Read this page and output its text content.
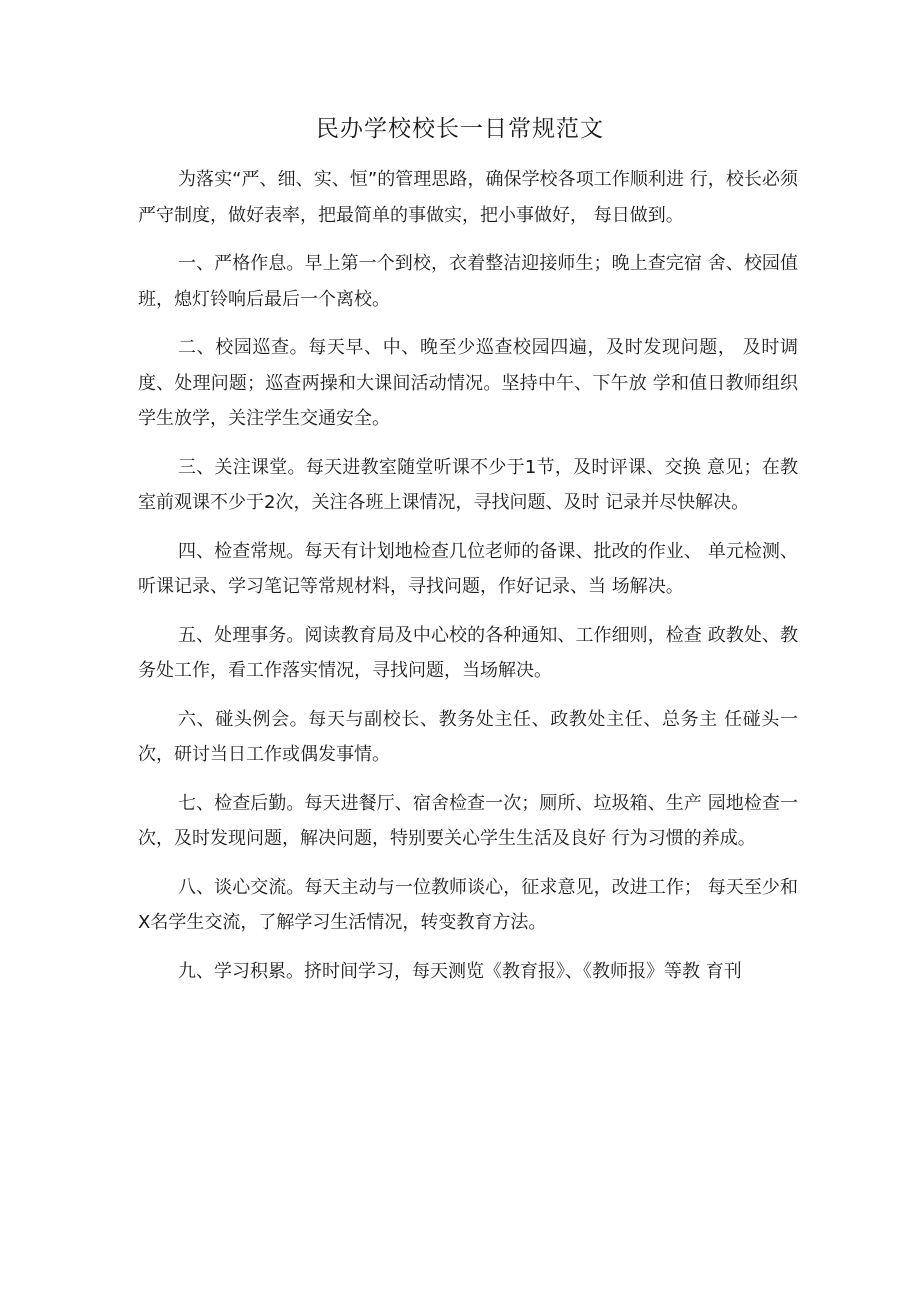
民办学校校长一日常规范文

为落实“严、细、实、恒”的管理思路，确保学校各项工作顺利进 行，校长必须严守制度，做好表率，把最简单的事做实，把小事做好， 每日做到。

一、严格作息。早上第一个到校，衣着整洁迎接师生；晚上查完宿 舍、校园值班，熄灯铃响后最后一个离校。

二、校园巡查。每天早、中、晚至少巡查校园四遍，及时发现问题， 及时调度、处理问题；巡查两操和大课间活动情况。坚持中午、下午放 学和值日教师组织学生放学，关注学生交通安全。

三、关注课堂。每天进教室随堂听课不少于1节，及时评课、交换 意见；在教室前观课不少于2次，关注各班上课情况，寻找问题、及时 记录并尽快解决。

四、检查常规。每天有计划地检查几位老师的备课、批改的作业、 单元检测、听课记录、学习笔记等常规材料，寻找问题，作好记录、当 场解决。

五、处理事务。阅读教育局及中心校的各种通知、工作细则，检查 政教处、教务处工作，看工作落实情况，寻找问题，当场解决。

六、碰头例会。每天与副校长、教务处主任、政教处主任、总务主 任碰头一次，研讨当日工作或偶发事情。

七、检查后勤。每天进餐厅、宿舍检查一次；厕所、垃圾箱、生产 园地检查一次，及时发现问题，解决问题，特别要关心学生生活及良好 行为习惯的养成。

八、谈心交流。每天主动与一位教师谈心，征求意见，改进工作； 每天至少和X名学生交流，了解学习生活情况，转变教育方法。

九、学习积累。挤时间学习，每天测览《教育报》、《教师报》等教 育刊
